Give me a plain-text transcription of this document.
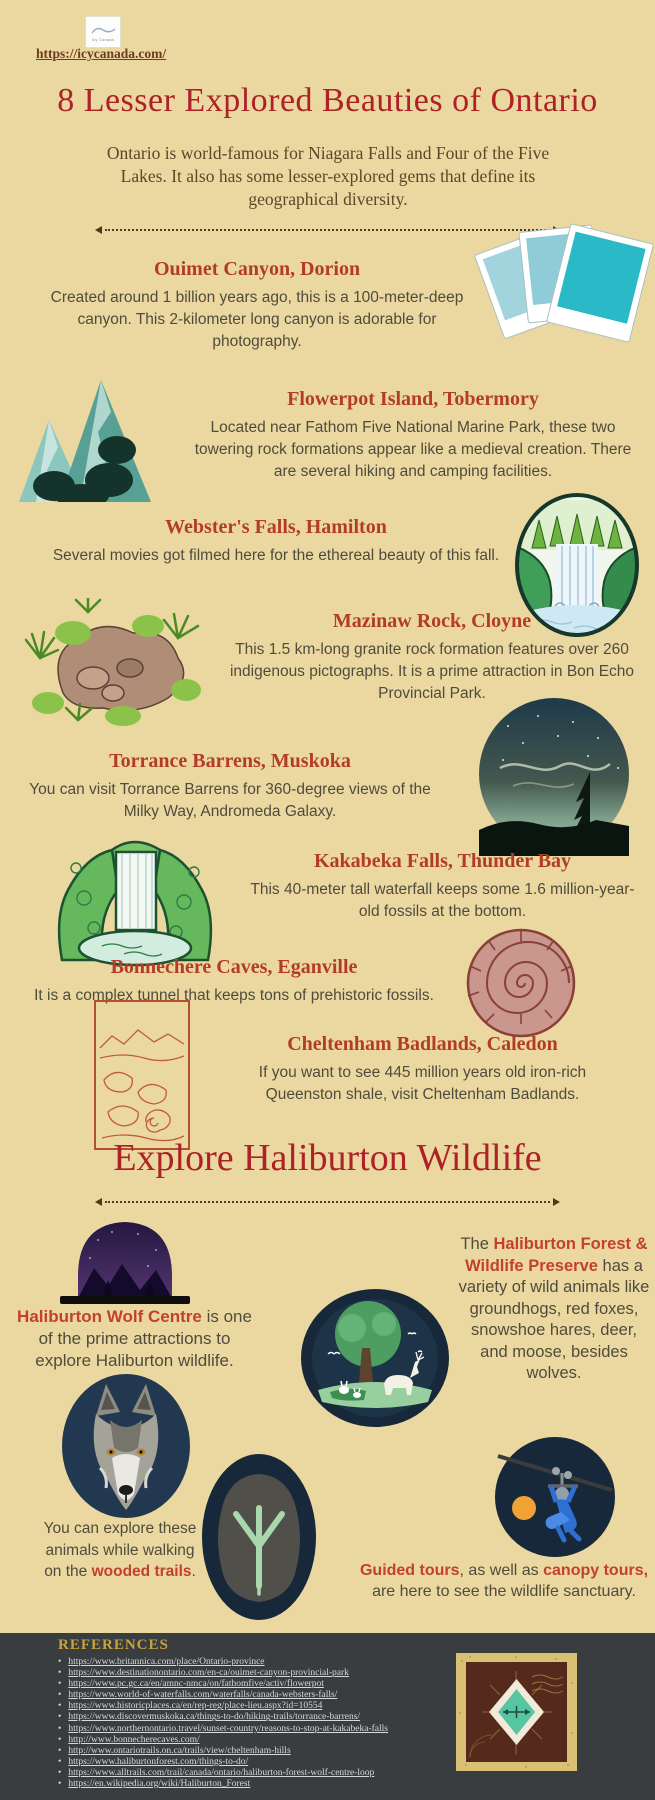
Icy Canada
https://icycanada.com/
8 Lesser Explored Beauties of Ontario
Ontario is world-famous for Niagara Falls and Four of the Five Lakes. It also has some lesser-explored gems that define its geographical diversity.
Ouimet Canyon, Dorion

Created around 1 billion years ago, this is a 100-meter-deep canyon. This 2-kilometer long canyon is adorable for photography.

Flowerpot Island, Tobermory

Located near Fathom Five National Marine Park, these two towering rock formations appear like a medieval creation. There are several hiking and camping facilities.

Webster's Falls, Hamilton

Several movies got filmed here for the ethereal beauty of this fall.

Mazinaw Rock, Cloyne

This 1.5 km-long granite rock formation features over 260 indigenous pictographs. It is a prime attraction in Bon Echo Provincial Park.

Torrance Barrens, Muskoka

You can visit Torrance Barrens for 360-degree views of the Milky Way, Andromeda Galaxy.

Kakabeka Falls, Thunder Bay

This 40-meter tall waterfall keeps some 1.6 million-year-old fossils at the bottom.

Bonnechere Caves, Eganville

It is a complex tunnel that keeps tons of prehistoric fossils.

Cheltenham Badlands, Caledon

If you want to see 445 million years old iron-rich Queenston shale, visit Cheltenham Badlands.

Explore Haliburton Wildlife
Haliburton Wolf Centre is one of the prime attractions to explore Haliburton wildlife.
You can explore these animals while walking on the wooded trails.
The Haliburton Forest & Wildlife Preserve has a variety of wild animals like groundhogs, red foxes, snowshoe hares, deer, and moose, besides wolves.
Guided tours, as well as canopy tours, are here to see the wildlife sanctuary.
REFERENCES
• https://www.britannica.com/place/Ontario-province
• https://www.destinationontario.com/en-ca/ouimet-canyon-provincial-park
• https://www.pc.gc.ca/en/amnc-nmca/on/fathomfive/activ/flowerpot
• https://www.world-of-waterfalls.com/waterfalls/canada-websters-falls/
• https://www.historicplaces.ca/en/rep-reg/place-lieu.aspx?id=10554
• https://www.discovermuskoka.ca/things-to-do/hiking-trails/torrance-barrens/
• https://www.northernontario.travel/sunset-country/reasons-to-stop-at-kakabeka-falls
• http://www.bonnecherecaves.com/
• http://www.ontariotrails.on.ca/trails/view/cheltenham-hills
• https://www.haliburtonforest.com/things-to-do/
• https://www.alltrails.com/trail/canada/ontario/haliburton-forest-wolf-centre-loop
• https://en.wikipedia.org/wiki/Haliburton_Forest
